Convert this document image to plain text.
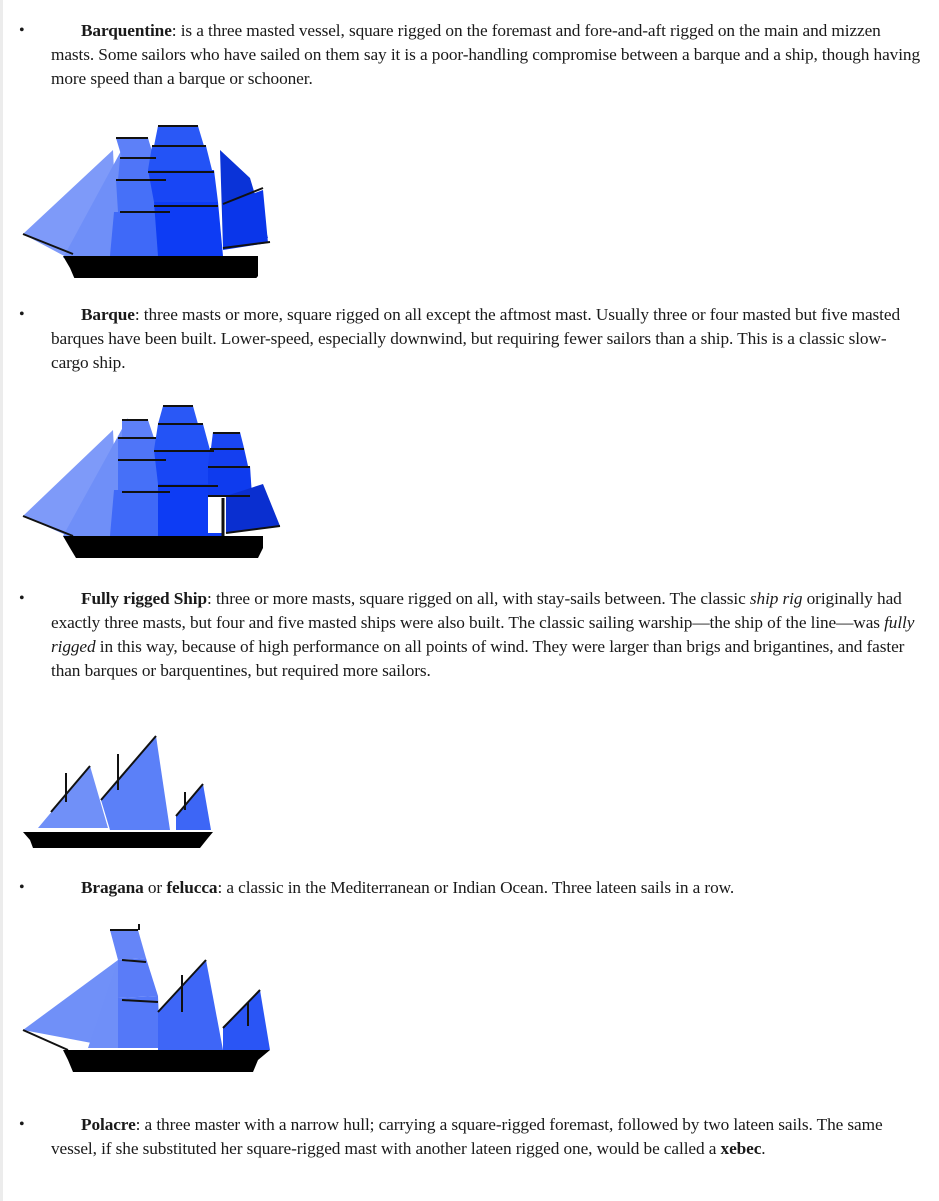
•	Barquentine: is a three masted vessel, square rigged on the foremast and fore-and-aft rigged on the main and mizzen masts. Some sailors who have sailed on them say it is a poor-handling compromise between a barque and a ship, though having more speed than a barque or schooner.

•	Barque: three masts or more, square rigged on all except the aftmost mast. Usually three or four masted but five masted barques have been built. Lower-speed, especially downwind, but requiring fewer sailors than a ship. This is a classic slow-cargo ship.

•	Fully rigged Ship: three or more masts, square rigged on all, with stay-sails between. The classic ship rig originally had exactly three masts, but four and five masted ships were also built. The classic sailing warship—the ship of the line—was fully rigged in this way, because of high performance on all points of wind. They were larger than brigs and brigantines, and faster than barques or barquentines, but required more sailors.

•	Bragana or felucca: a classic in the Mediterranean or Indian Ocean. Three lateen sails in a row.

•	Polacre: a three master with a narrow hull; carrying a square-rigged foremast, followed by two lateen sails. The same vessel, if she substituted her square-rigged mast with another lateen rigged one, would be called a xebec.
